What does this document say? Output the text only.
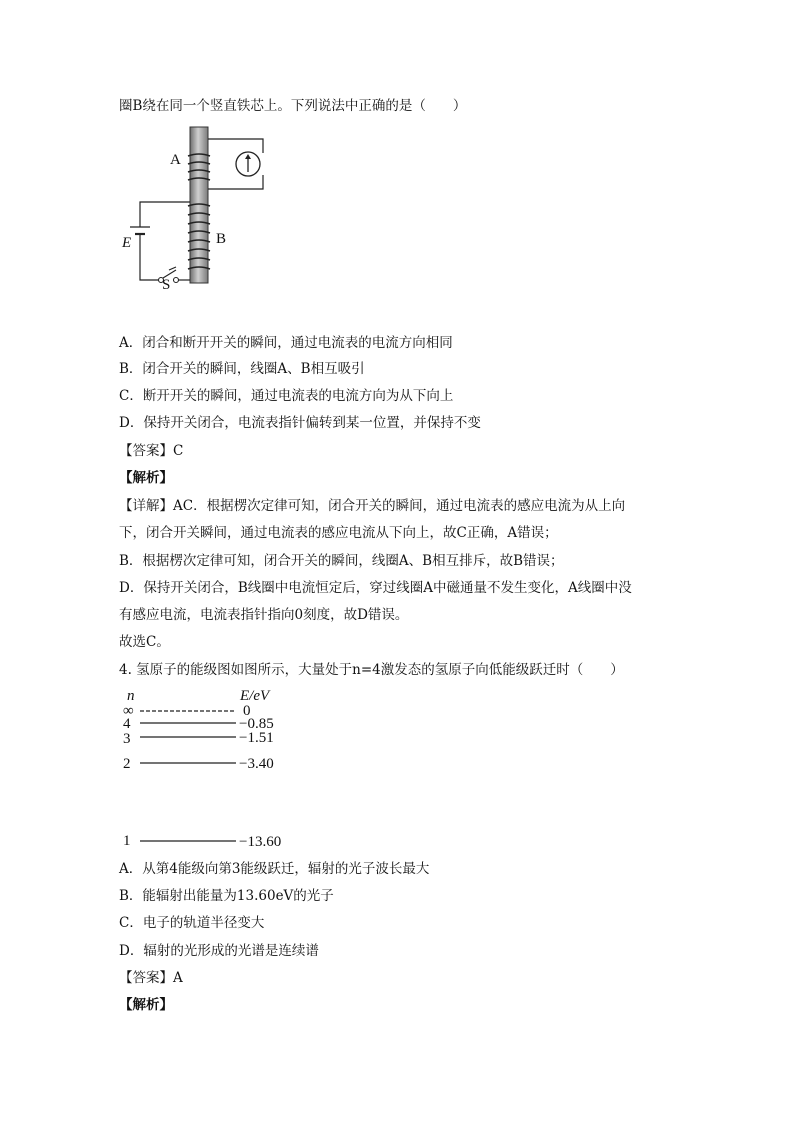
圈B绕在同一个竖直铁芯上。下列说法中正确的是（　　）
A
B
E
S
A．闭合和断开开关的瞬间，通过电流表的电流方向相同
B．闭合开关的瞬间，线圈A、B相互吸引
C．断开开关的瞬间，通过电流表的电流方向为从下向上
D．保持开关闭合，电流表指针偏转到某一位置，并保持不变
【答案】C
【解析】
【详解】AC．根据楞次定律可知，闭合开关的瞬间，通过电流表的感应电流为从上向
下，闭合开关瞬间，通过电流表的感应电流从下向上，故C正确，A错误；
B．根据楞次定律可知，闭合开关的瞬间，线圈A、B相互排斥，故B错误；
D．保持开关闭合，B线圈中电流恒定后，穿过线圈A中磁通量不发生变化，A线圈中没
有感应电流，电流表指针指向0刻度，故D错误。
故选C。
4. 氢原子的能级图如图所示，大量处于n=4激发态的氢原子向低能级跃迁时（　　）
n	E/eV
∞	0
4	−0.85
3	−1.51
2	−3.40
1	−13.60
A．从第4能级向第3能级跃迁，辐射的光子波长最大
B．能辐射出能量为13.60eV的光子
C．电子的轨道半径变大
D．辐射的光形成的光谱是连续谱
【答案】A
【解析】
